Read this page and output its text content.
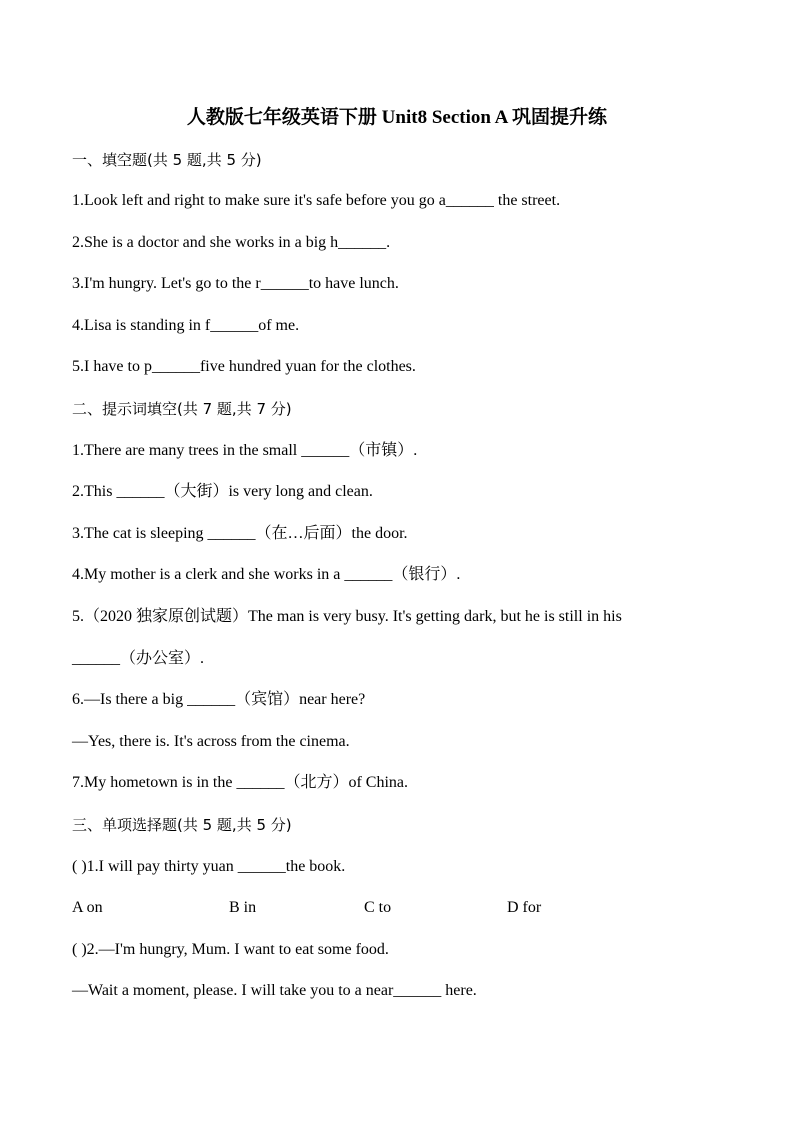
人教版七年级英语下册 Unit8 Section A 巩固提升练
一、填空题(共 5 题,共 5 分)
1.Look left and right to make sure it's safe before you go a______ the street.
2.She is a doctor and she works in a big h______.
3.I'm hungry. Let's go to the r______to have lunch.
4.Lisa is standing in f______of me.
5.I have to p______five hundred yuan for the clothes.
二、提示词填空(共 7 题,共 7 分)
1.There are many trees in the small ______（市镇）.
2.This ______（大街）is very long and clean.
3.The cat is sleeping ______（在…后面）the door.
4.My mother is a clerk and she works in a ______（银行）.
5.（2020 独家原创试题）The man is very busy. It's getting dark, but he is still in his
______（办公室）.
6.—Is there a big ______（宾馆）near here?
—Yes, there is. It's across from the cinema.
7.My hometown is in the ______（北方）of China.
三、单项选择题(共 5 题,共 5 分)
( )1.I will pay thirty yuan ______the book.
A on	B in	C to	D for
( )2.—I'm hungry, Mum. I want to eat some food.
—Wait a moment, please. I will take you to a near______ here.
